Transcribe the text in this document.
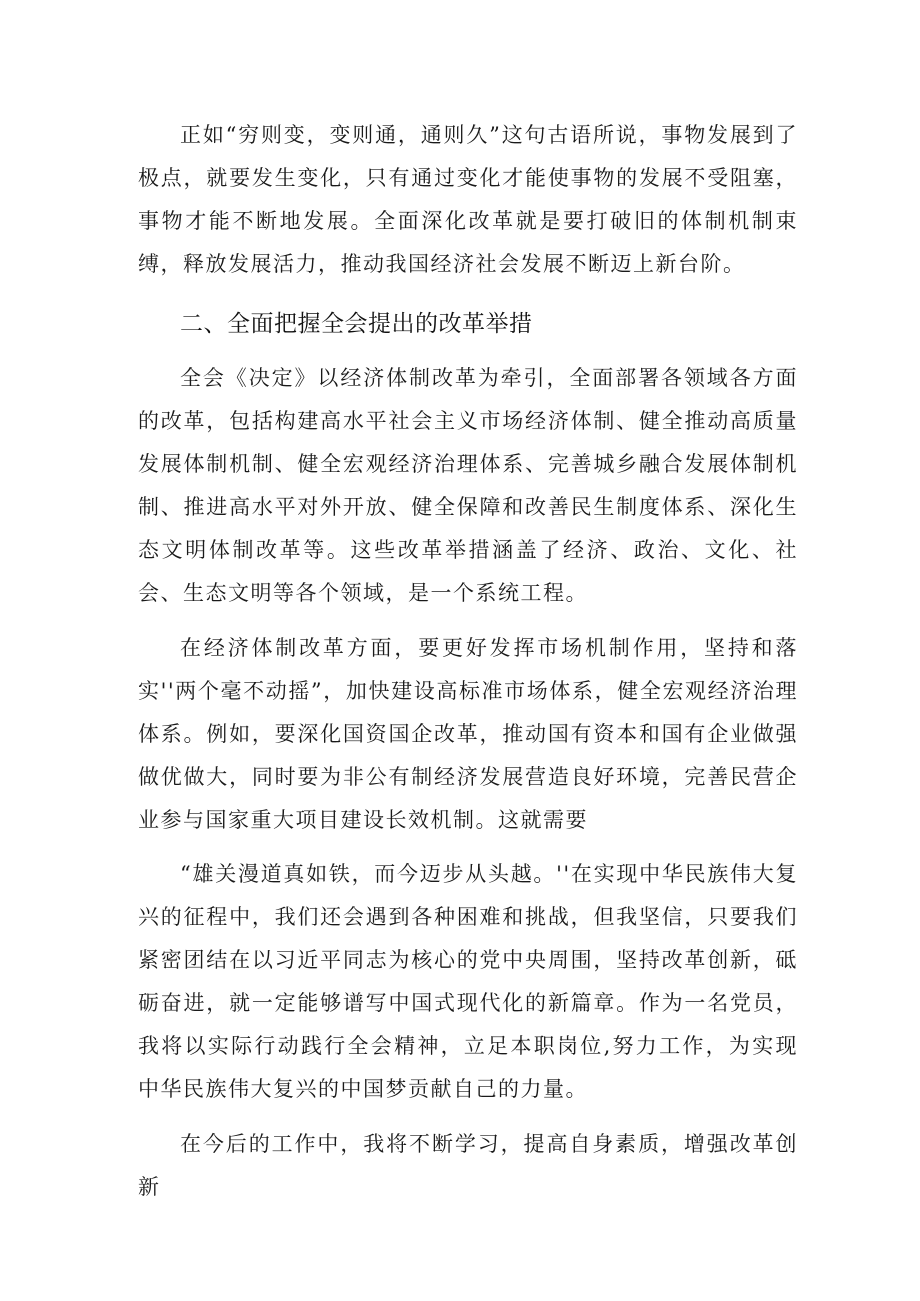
正如“穷则变，变则通，通则久”这句古语所说，事物发展到了极点，就要发生变化，只有通过变化才能使事物的发展不受阻塞，事物才能不断地发展。全面深化改革就是要打破旧的体制机制束缚，释放发展活力，推动我国经济社会发展不断迈上新台阶。

二、全面把握全会提出的改革举措

全会《决定》以经济体制改革为牵引，全面部署各领域各方面的改革，包括构建高水平社会主义市场经济体制、健全推动高质量发展体制机制、健全宏观经济治理体系、完善城乡融合发展体制机制、推进高水平对外开放、健全保障和改善民生制度体系、深化生态文明体制改革等。这些改革举措涵盖了经济、政治、文化、社会、生态文明等各个领域，是一个系统工程。

在经济体制改革方面，要更好发挥市场机制作用，坚持和落实''两个毫不动摇”，加快建设高标准市场体系，健全宏观经济治理体系。例如，要深化国资国企改革，推动国有资本和国有企业做强做优做大，同时要为非公有制经济发展营造良好环境，完善民营企业参与国家重大项目建设长效机制。这就需要

“雄关漫道真如铁，而今迈步从头越。''在实现中华民族伟大复兴的征程中，我们还会遇到各种困难和挑战，但我坚信，只要我们紧密团结在以习近平同志为核心的党中央周围，坚持改革创新，砥砺奋进，就一定能够谱写中国式现代化的新篇章。作为一名党员，我将以实际行动践行全会精神，立足本职岗位,努力工作，为实现中华民族伟大复兴的中国梦贡献自己的力量。

在今后的工作中，我将不断学习，提高自身素质，增强改革创新
